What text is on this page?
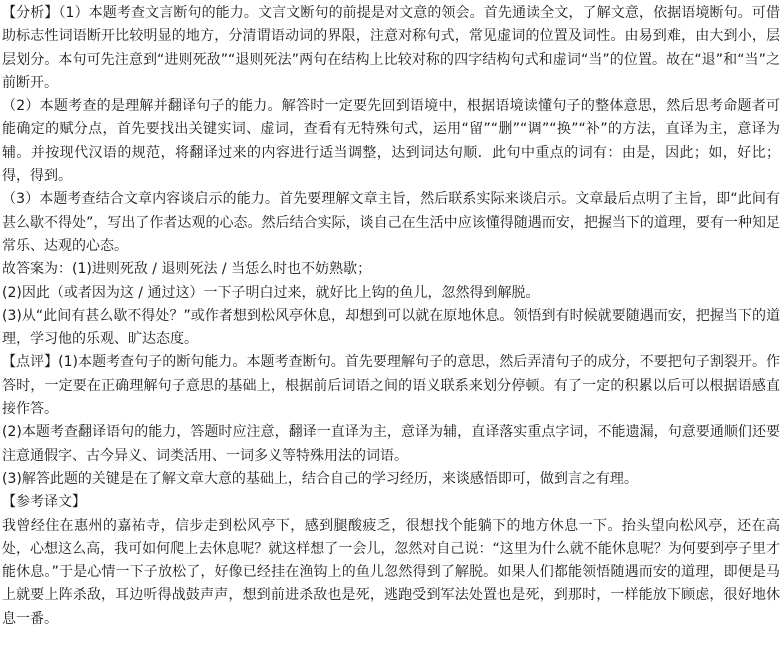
【分析】（1）本题考查文言断句的能力。文言文断句的前提是对文意的领会。首先通读全文，了解文意，依据语境断句。可借助标志性词语断开比较明显的地方，分清谓语动词的界限，注意对称句式，常见虚词的位置及词性。由易到难，由大到小，层层划分。本句可先注意到“进则死敌”“退则死法”两句在结构上比较对称的四字结构句式和虚词“当”的位置。故在“退”和“当”之前断开。

（2）本题考查的是理解并翻译句子的能力。解答时一定要先回到语境中，根据语境读懂句子的整体意思，然后思考命题者可能确定的赋分点，首先要找出关键实词、虚词，查看有无特殊句式，运用“留”“删”“调”“换”“补”的方法，直译为主，意译为辅。并按现代汉语的规范，将翻译过来的内容进行适当调整，达到词达句顺．此句中重点的词有：由是，因此；如，好比；得，得到。

（3）本题考查结合文章内容谈启示的能力。首先要理解文章主旨，然后联系实际来谈启示。文章最后点明了主旨，即“此间有甚么歇不得处”，写出了作者达观的心态。然后结合实际，谈自己在生活中应该懂得随遇而安，把握当下的道理，要有一种知足常乐、达观的心态。

故答案为：(1)进则死敌 / 退则死法 / 当恁么时也不妨熟歇；

(2)因此（或者因为这 / 通过这）一下子明白过来，就好比上钩的鱼儿，忽然得到解脱。

(3)从“此间有甚么歇不得处？”或作者想到松风亭休息，却想到可以就在原地休息。领悟到有时候就要随遇而安，把握当下的道理，学习他的乐观、旷达态度。

【点评】(1)本题考查句子的断句能力。本题考查断句。首先要理解句子的意思，然后弄清句子的成分，不要把句子割裂开。作答时，一定要在正确理解句子意思的基础上，根据前后词语之间的语义联系来划分停顿。有了一定的积累以后可以根据语感直接作答。

(2)本题考查翻译语句的能力，答题时应注意，翻译一直译为主，意译为辅，直译落实重点字词，不能遗漏，句意要通顺们还要注意通假字、古今异义、词类活用、一词多义等特殊用法的词语。

(3)解答此题的关键是在了解文章大意的基础上，结合自己的学习经历，来谈感悟即可，做到言之有理。

【参考译文】

我曾经住在惠州的嘉祐寺，信步走到松风亭下，感到腿酸疲乏，很想找个能躺下的地方休息一下。抬头望向松风亭，还在高处，心想这么高，我可如何爬上去休息呢？就这样想了一会儿，忽然对自己说：“这里为什么就不能休息呢？为何要到亭子里才能休息。”于是心情一下子放松了，好像已经挂在渔钩上的鱼儿忽然得到了解脱。如果人们都能领悟随遇而安的道理，即便是马上就要上阵杀敌，耳边听得战鼓声声，想到前进杀敌也是死，逃跑受到军法处置也是死，到那时，一样能放下顾虑，很好地休息一番。
